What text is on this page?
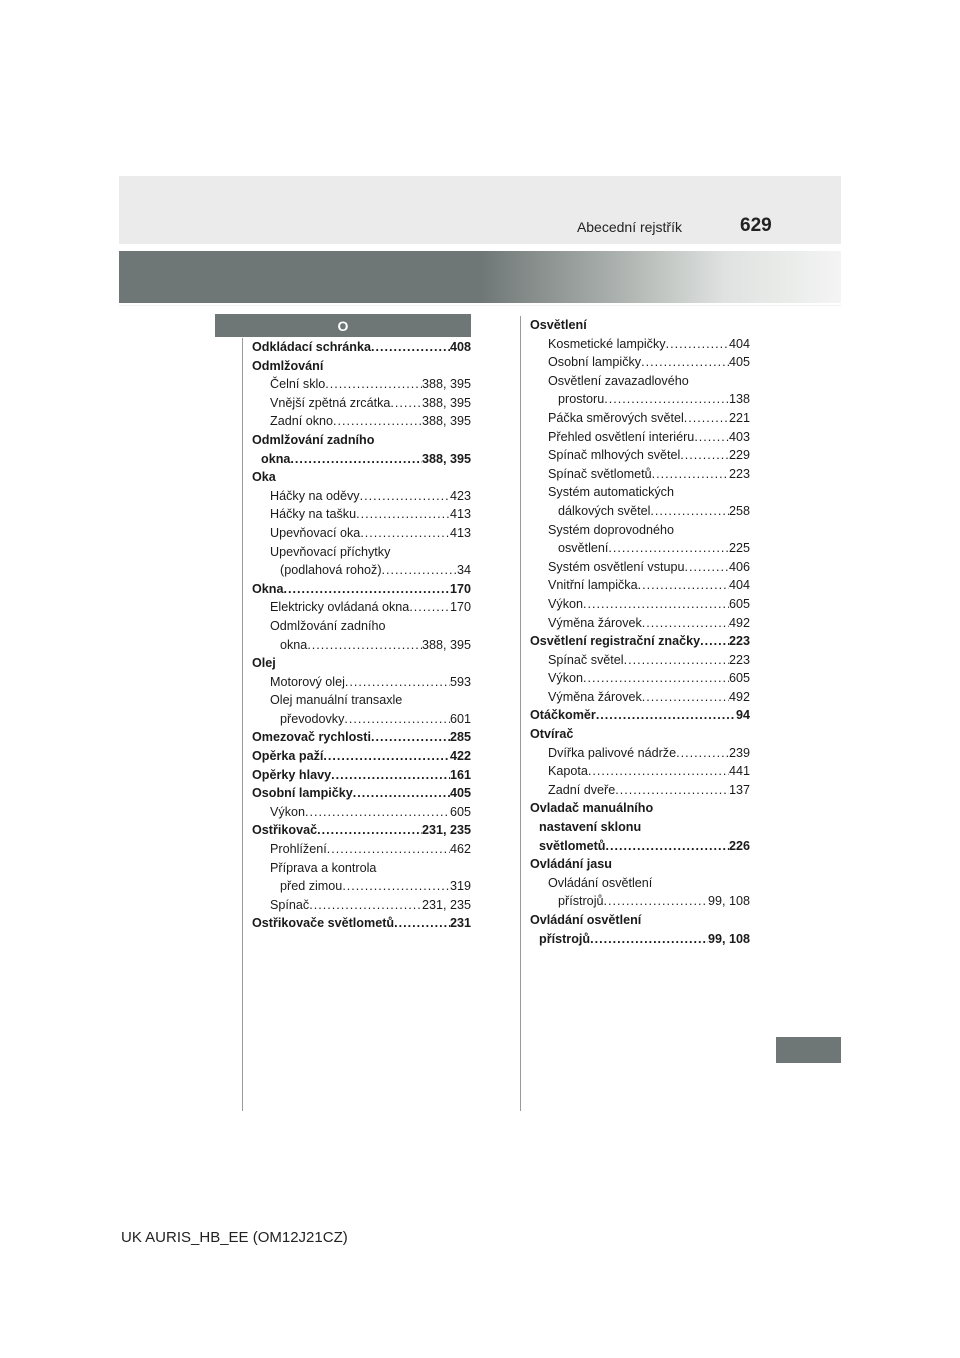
Abecední rejstřík	629
O
Odkládací schránka .....	408
Odmlžování
Čelní sklo .....	388, 395
Vnější zpětná zrcátka .....	388, 395
Zadní okno .....	388, 395
Odmlžování zadního
okna .....	388, 395
Oka
Háčky na oděvy .....	423
Háčky na tašku .....	413
Upevňovací oka .....	413
Upevňovací příchytky
(podlahová rohož) .....	34
Okna .....	170
Elektricky ovládaná okna .....	170
Odmlžování zadního
okna .....	388, 395
Olej
Motorový olej .....	593
Olej manuální transaxle
převodovky .....	601
Omezovač rychlosti .....	285
Opěrka paží .....	422
Opěrky hlavy .....	161
Osobní lampičky .....	405
Výkon .....	605
Ostřikovač .....	231, 235
Prohlížení .....	462
Příprava a kontrola
před zimou .....	319
Spínač .....	231, 235
Ostřikovače světlometů .....	231
Osvětlení
Kosmetické lampičky .....	404
Osobní lampičky .....	405
Osvětlení zavazadlového
prostoru .....	138
Páčka směrových světel .....	221
Přehled osvětlení interiéru .....	403
Spínač mlhových světel .....	229
Spínač světlometů .....	223
Systém automatických
dálkových světel .....	258
Systém doprovodného
osvětlení .....	225
Systém osvětlení vstupu .....	406
Vnitřní lampička .....	404
Výkon .....	605
Výměna žárovek .....	492
Osvětlení registrační značky ..... 223
Spínač světel .....	223
Výkon .....	605
Výměna žárovek .....	492
Otáčkoměr .....	94
Otvírač
Dvířka palivové nádrže .....	239
Kapota .....	441
Zadní dveře .....	137
Ovladač manuálního
nastavení sklonu
světlometů .....	226
Ovládání jasu
Ovládání osvětlení
přístrojů .....	99, 108
Ovládání osvětlení
přístrojů .....	99, 108
UK AURIS_HB_EE (OM12J21CZ)
